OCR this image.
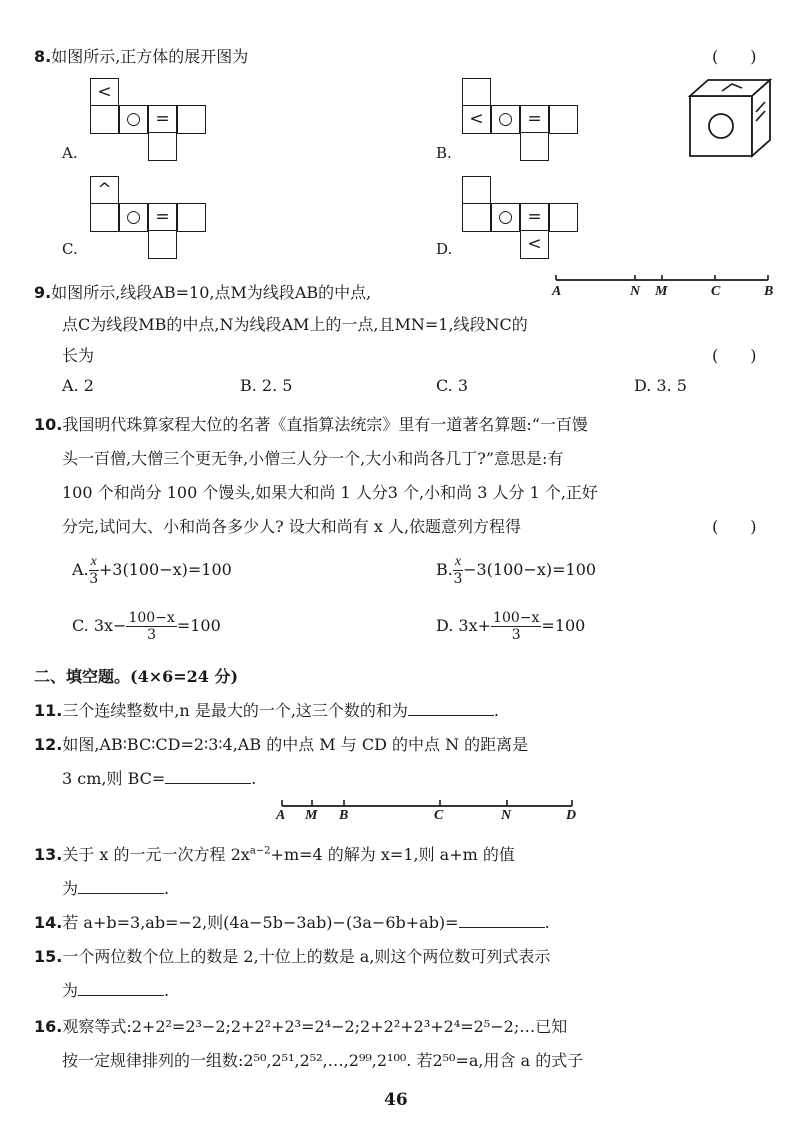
8.如图所示,正方体的展开图为	(　　)
<
○ =
A.
< ○ =
B.
^
○ =
C.
○ =
<
D.
9.如图所示,线段AB=10,点M为线段AB的中点,	A	N M	C	B
点C为线段MB的中点,N为线段AM上的一点,且MN=1,线段NC的
长为	(　　)
A. 2	B. 2. 5	C. 3	D. 3. 5
10.我国明代珠算家程大位的名著《直指算法统宗》里有一道著名算题:“一百馒
头一百僧,大僧三个更无争,小僧三人分一个,大小和尚各几丁?”意思是:有
100 个和尚分 100 个馒头,如果大和尚 1 人分3 个,小和尚 3 人分 1 个,正好
分完,试问大、小和尚各多少人? 设大和尚有 x 人,依题意列方程得	(　　)
A. $\frac{x}{3} +3(100-x)=100$	B. $\frac{x}{3} -3(100-x)=100$
C. $3x- \frac{100-x}{3} =100$	D. $3x+ \frac{100-x}{3} =100$
二、填空题。(4×6=24 分)
11.三个连续整数中,n 是最大的一个,这三个数的和为	.
12.如图,AB∶BC∶CD=2∶3∶4,AB 的中点 M 与 CD 的中点 N 的距离是
3 cm,则 BC=	.
A M B	C	N	D
13.关于 x 的一元一次方程 $2x^{a-2}+m=4$ 的解为 x=1,则 a+m 的值
为	.
14.若 a+b=3,ab=−2,则(4a−5b−3ab)−(3a−6b+ab)=	.
15.一个两位数个位上的数是 2,十位上的数是 a,则这个两位数可列式表示
为	.
16.观察等式:2+2²=2³−2;2+2²+2³=2⁴−2;2+2²+2³+2⁴=2⁵−2;…已知
按一定规律排列的一组数:2⁵⁰,2⁵¹,2⁵²,…,2⁹⁹,2¹⁰⁰. 若2⁵⁰=a,用含 a 的式子
46
